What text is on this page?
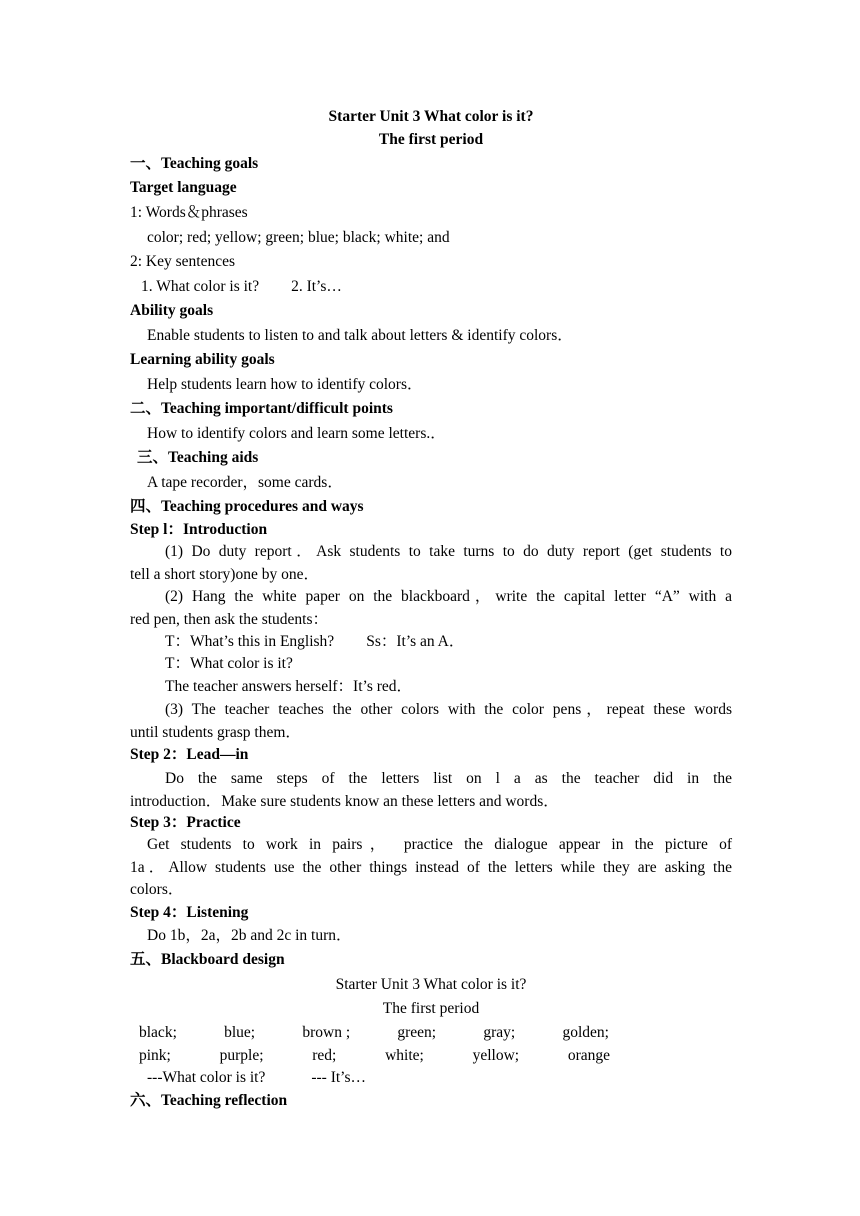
Starter Unit 3 What color is it?
The first period
一、Teaching goals
Target language
1: Words＆phrases
color; red; yellow; green; blue; black; white; and
2: Key sentences
1. What color is it? 2. It’s…
Ability goals
Enable students to listen to and talk about letters & identify colors．
Learning ability goals
Help students learn how to identify colors．
二、Teaching important/difficult points
How to identify colors and learn some letters.．
三、Teaching aids
A tape recorder，some cards．
四、Teaching procedures and ways
Step l：Introduction
(1) Do duty report．Ask students to take turns to do duty report (get students to
tell a short story)one by one．
(2) Hang the white paper on the blackboard，write the capital letter “A” with a
red pen, then ask the students：
T：What’s this in English? Ss：It’s an A．
T：What color is it?
The teacher answers herself：It’s red．
(3) The teacher teaches the other colors with the color pens，repeat these words
until students grasp them．
Step 2：Lead—in
Do the same steps of the letters list on l a as the teacher did in the
introduction．Make sure students know an these letters and words．
Step 3：Practice
Get students to work in pairs， practice the dialogue appear in the picture of
1a．Allow students use the other things instead of the letters while they are asking the
colors．
Step 4：Listening
Do 1b，2a，2b and 2c in turn．
五、Blackboard design
Starter Unit 3 What color is it?
The first period
black;	blue;	brown ;	green;	gray;	golden;
pink;	purple;	red;	white;	yellow;	orange
---What color is it?	--- It’s…
六、Teaching reflection
